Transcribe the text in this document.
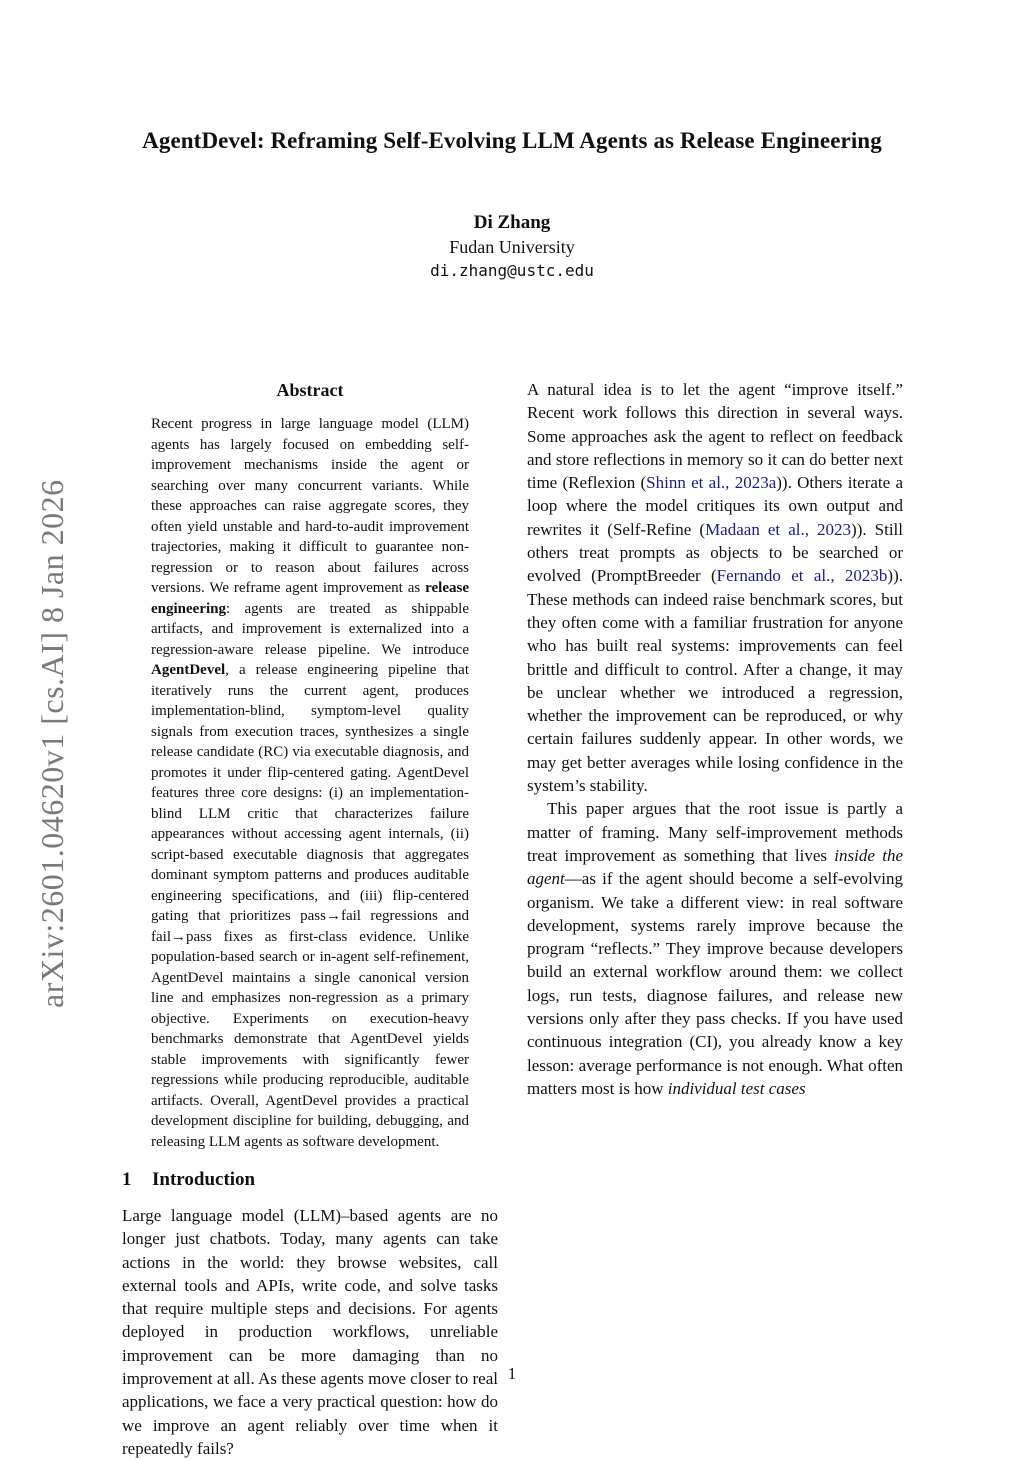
arXiv:2601.04620v1 [cs.AI] 8 Jan 2026
AgentDevel: Reframing Self-Evolving LLM Agents as Release Engineering
Di Zhang
Fudan University
di.zhang@ustc.edu
Abstract

Recent progress in large language model (LLM) agents has largely focused on embedding self-improvement mechanisms inside the agent or searching over many concurrent variants. While these approaches can raise aggregate scores, they often yield unstable and hard-to-audit improvement trajectories, making it difficult to guarantee non-regression or to reason about failures across versions. We reframe agent improvement as release engineering: agents are treated as shippable artifacts, and improvement is externalized into a regression-aware release pipeline. We introduce AgentDevel, a release engineering pipeline that iteratively runs the current agent, produces implementation-blind, symptom-level quality signals from execution traces, synthesizes a single release candidate (RC) via executable diagnosis, and promotes it under flip-centered gating. AgentDevel features three core designs: (i) an implementation-blind LLM critic that characterizes failure appearances without accessing agent internals, (ii) script-based executable diagnosis that aggregates dominant symptom patterns and produces auditable engineering specifications, and (iii) flip-centered gating that prioritizes pass→fail regressions and fail→pass fixes as first-class evidence. Unlike population-based search or in-agent self-refinement, AgentDevel maintains a single canonical version line and emphasizes non-regression as a primary objective. Experiments on execution-heavy benchmarks demonstrate that AgentDevel yields stable improvements with significantly fewer regressions while producing reproducible, auditable artifacts. Overall, AgentDevel provides a practical development discipline for building, debugging, and releasing LLM agents as software development.

1 Introduction

Large language model (LLM)–based agents are no longer just chatbots. Today, many agents can take actions in the world: they browse websites, call external tools and APIs, write code, and solve tasks that require multiple steps and decisions. For agents deployed in production workflows, unreliable improvement can be more damaging than no improvement at all. As these agents move closer to real applications, we face a very practical question: how do we improve an agent reliably over time when it repeatedly fails?

A natural idea is to let the agent “improve itself.” Recent work follows this direction in several ways. Some approaches ask the agent to reflect on feedback and store reflections in memory so it can do better next time (Reflexion (Shinn et al., 2023a)). Others iterate a loop where the model critiques its own output and rewrites it (Self-Refine (Madaan et al., 2023)). Still others treat prompts as objects to be searched or evolved (PromptBreeder (Fernando et al., 2023b)). These methods can indeed raise benchmark scores, but they often come with a familiar frustration for anyone who has built real systems: improvements can feel brittle and difficult to control. After a change, it may be unclear whether we introduced a regression, whether the improvement can be reproduced, or why certain failures suddenly appear. In other words, we may get better averages while losing confidence in the system’s stability.

This paper argues that the root issue is partly a matter of framing. Many self-improvement methods treat improvement as something that lives inside the agent—as if the agent should become a self-evolving organism. We take a different view: in real software development, systems rarely improve because the program “reflects.” They improve because developers build an external workflow around them: we collect logs, run tests, diagnose failures, and release new versions only after they pass checks. If you have used continuous integration (CI), you already know a key lesson: average performance is not enough. What often matters most is how individual test cases

1
